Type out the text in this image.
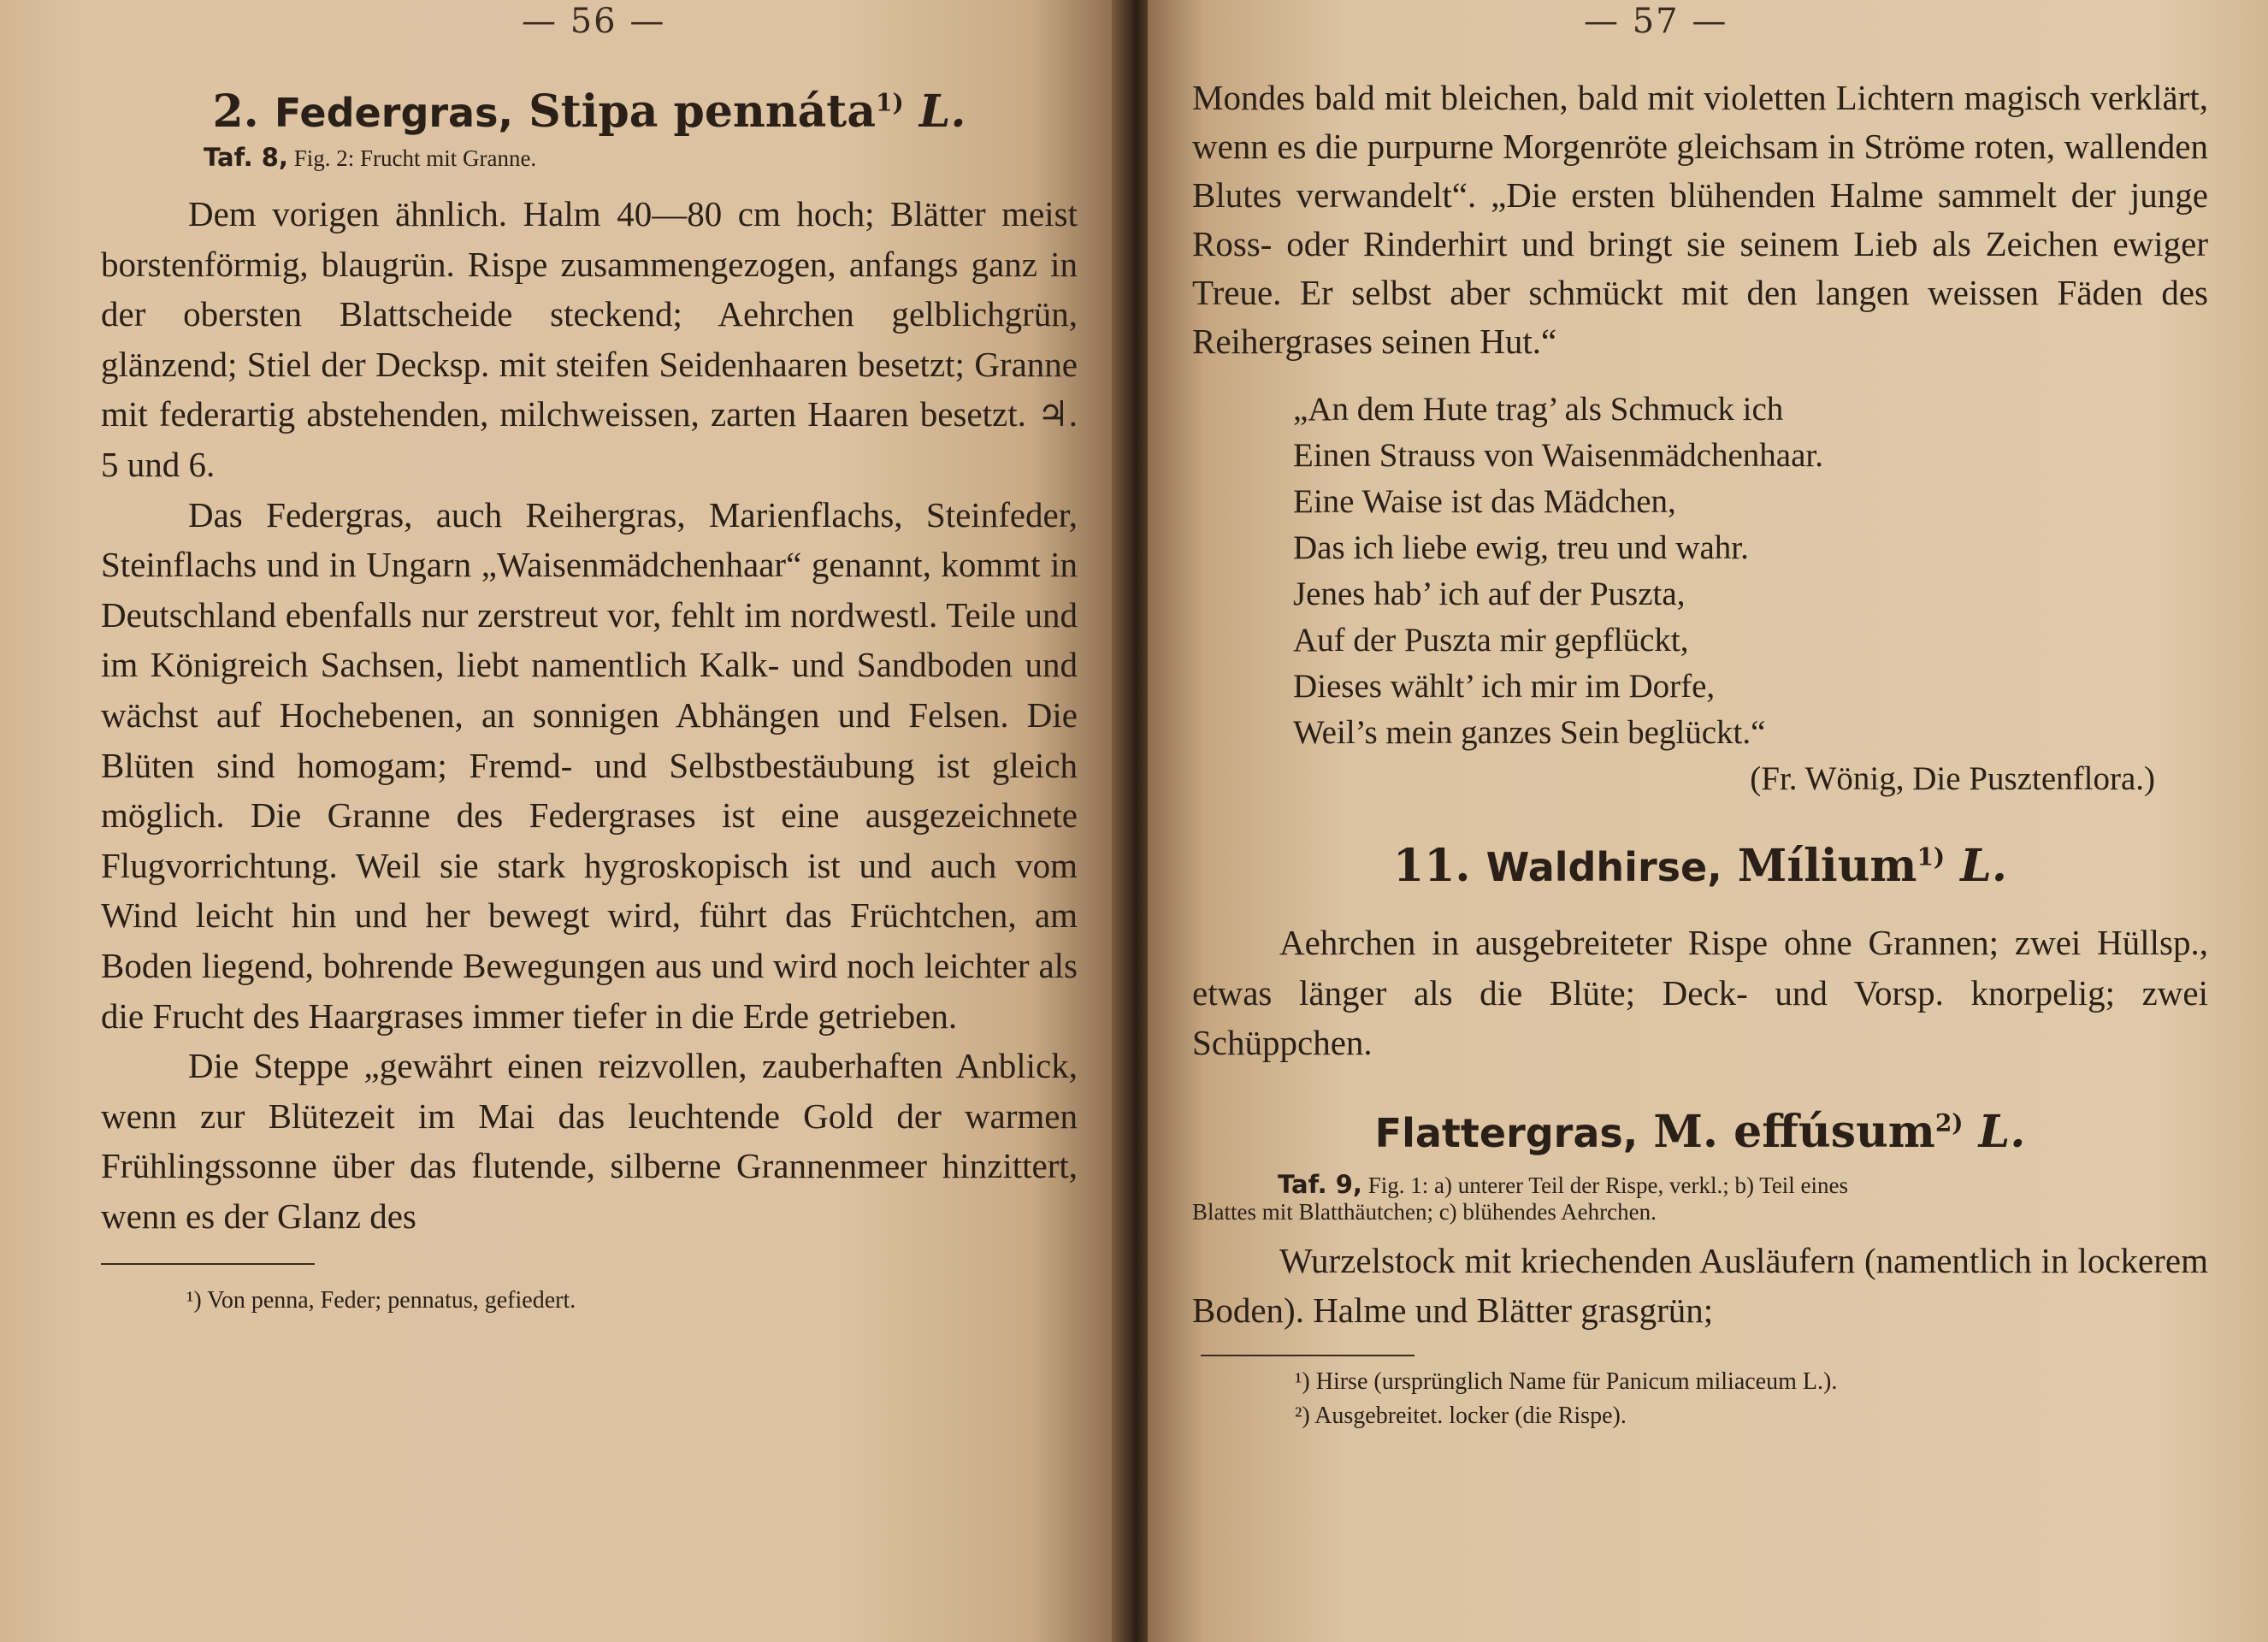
— 56 —
2. Federgras, Stipa pennáta$^{1)}$ L.

Taf. 8, Fig. 2: Frucht mit Granne.

Dem vorigen ähnlich. Halm 40—80 cm hoch; Blätter meist borstenförmig, blaugrün. Rispe zusammengezogen, anfangs ganz in der obersten Blattscheide steckend; Aehrchen gelblichgrün, glänzend; Stiel der Decksp. mit steifen Seidenhaaren besetzt; Granne mit federartig abstehenden, milchweissen, zarten Haaren besetzt. ♃. 5 und 6.

Das Federgras, auch Reihergras, Marienflachs, Steinfeder, Steinflachs und in Ungarn „Waisenmädchenhaar“ genannt, kommt in Deutschland ebenfalls nur zerstreut vor, fehlt im nordwestl. Teile und im Königreich Sachsen, liebt namentlich Kalk- und Sandboden und wächst auf Hochebenen, an sonnigen Abhängen und Felsen. Die Blüten sind homogam; Fremd- und Selbstbestäubung ist gleich möglich. Die Granne des Federgrases ist eine ausgezeichnete Flugvorrichtung. Weil sie stark hygroskopisch ist und auch vom Wind leicht hin und her bewegt wird, führt das Früchtchen, am Boden liegend, bohrende Bewegungen aus und wird noch leichter als die Frucht des Haargrases immer tiefer in die Erde getrieben.

Die Steppe „gewährt einen reizvollen, zauberhaften Anblick, wenn zur Blütezeit im Mai das leuchtende Gold der warmen Frühlingssonne über das flutende, silberne Grannenmeer hinzittert, wenn es der Glanz des

¹) Von penna, Feder; pennatus, gefiedert.

— 57 —

Mondes bald mit bleichen, bald mit violetten Lichtern magisch verklärt, wenn es die purpurne Morgenröte gleichsam in Ströme roten, wallenden Blutes verwandelt“. „Die ersten blühenden Halme sammelt der junge Ross- oder Rinderhirt und bringt sie seinem Lieb als Zeichen ewiger Treue. Er selbst aber schmückt mit den langen weissen Fäden des Reihergrases seinen Hut.“

„An dem Hute trag’ als Schmuck ich
Einen Strauss von Waisenmädchenhaar.
Eine Waise ist das Mädchen,
Das ich liebe ewig, treu und wahr.
Jenes hab’ ich auf der Puszta,
Auf der Puszta mir gepflückt,
Dieses wählt’ ich mir im Dorfe,
Weil’s mein ganzes Sein beglückt.“
(Fr. Wönig, Die Pusztenflora.)
11. Waldhirse, Mílium$^{1)}$ L.

Aehrchen in ausgebreiteter Rispe ohne Grannen; zwei Hüllsp., etwas länger als die Blüte; Deck- und Vorsp. knorpelig; zwei Schüppchen.

Flattergras, M. effúsum$^{2)}$ L.

Taf. 9, Fig. 1: a) unterer Teil der Rispe, verkl.; b) Teil eines

Blattes mit Blatthäutchen; c) blühendes Aehrchen.

Wurzelstock mit kriechenden Ausläufern (namentlich in lockerem Boden). Halme und Blätter grasgrün;

¹) Hirse (ursprünglich Name für Panicum miliaceum L.).

²) Ausgebreitet. locker (die Rispe).
